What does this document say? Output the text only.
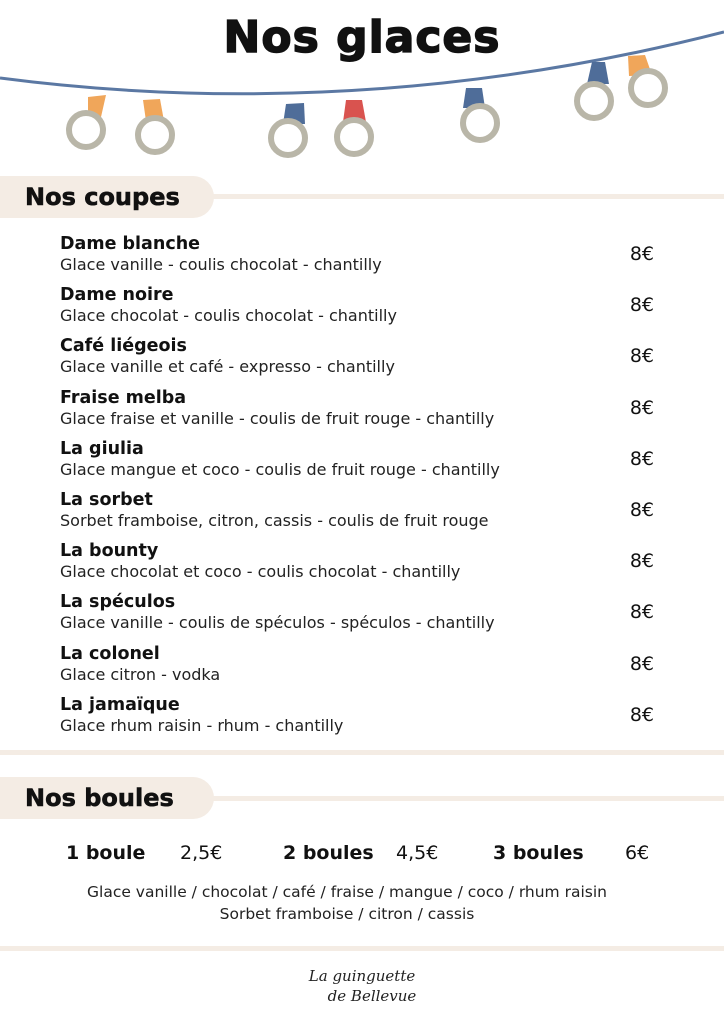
Nos glaces
Nos coupes
Dame blanche
Glace vanille - coulis chocolat - chantilly	8€
Dame noire
Glace chocolat - coulis chocolat - chantilly	8€
Café liégeois
Glace vanille et café - expresso - chantilly	8€
Fraise melba
Glace fraise et vanille - coulis de fruit rouge - chantilly	8€
La giulia
Glace mangue et coco - coulis de fruit rouge - chantilly	8€
La sorbet
Sorbet framboise, citron, cassis - coulis de fruit rouge	8€
La bounty
Glace chocolat et coco - coulis chocolat - chantilly	8€
La spéculos
Glace vanille - coulis de spéculos - spéculos - chantilly	8€
La colonel
Glace citron - vodka	8€
La jamaïque
Glace rhum raisin - rhum - chantilly	8€
Nos boules
1 boule 2,5€	2 boules 4,5€	3 boules 6€
Glace vanille / chocolat / café / fraise / mangue / coco / rhum raisin
Sorbet framboise / citron / cassis
La guinguette
de Bellevue
